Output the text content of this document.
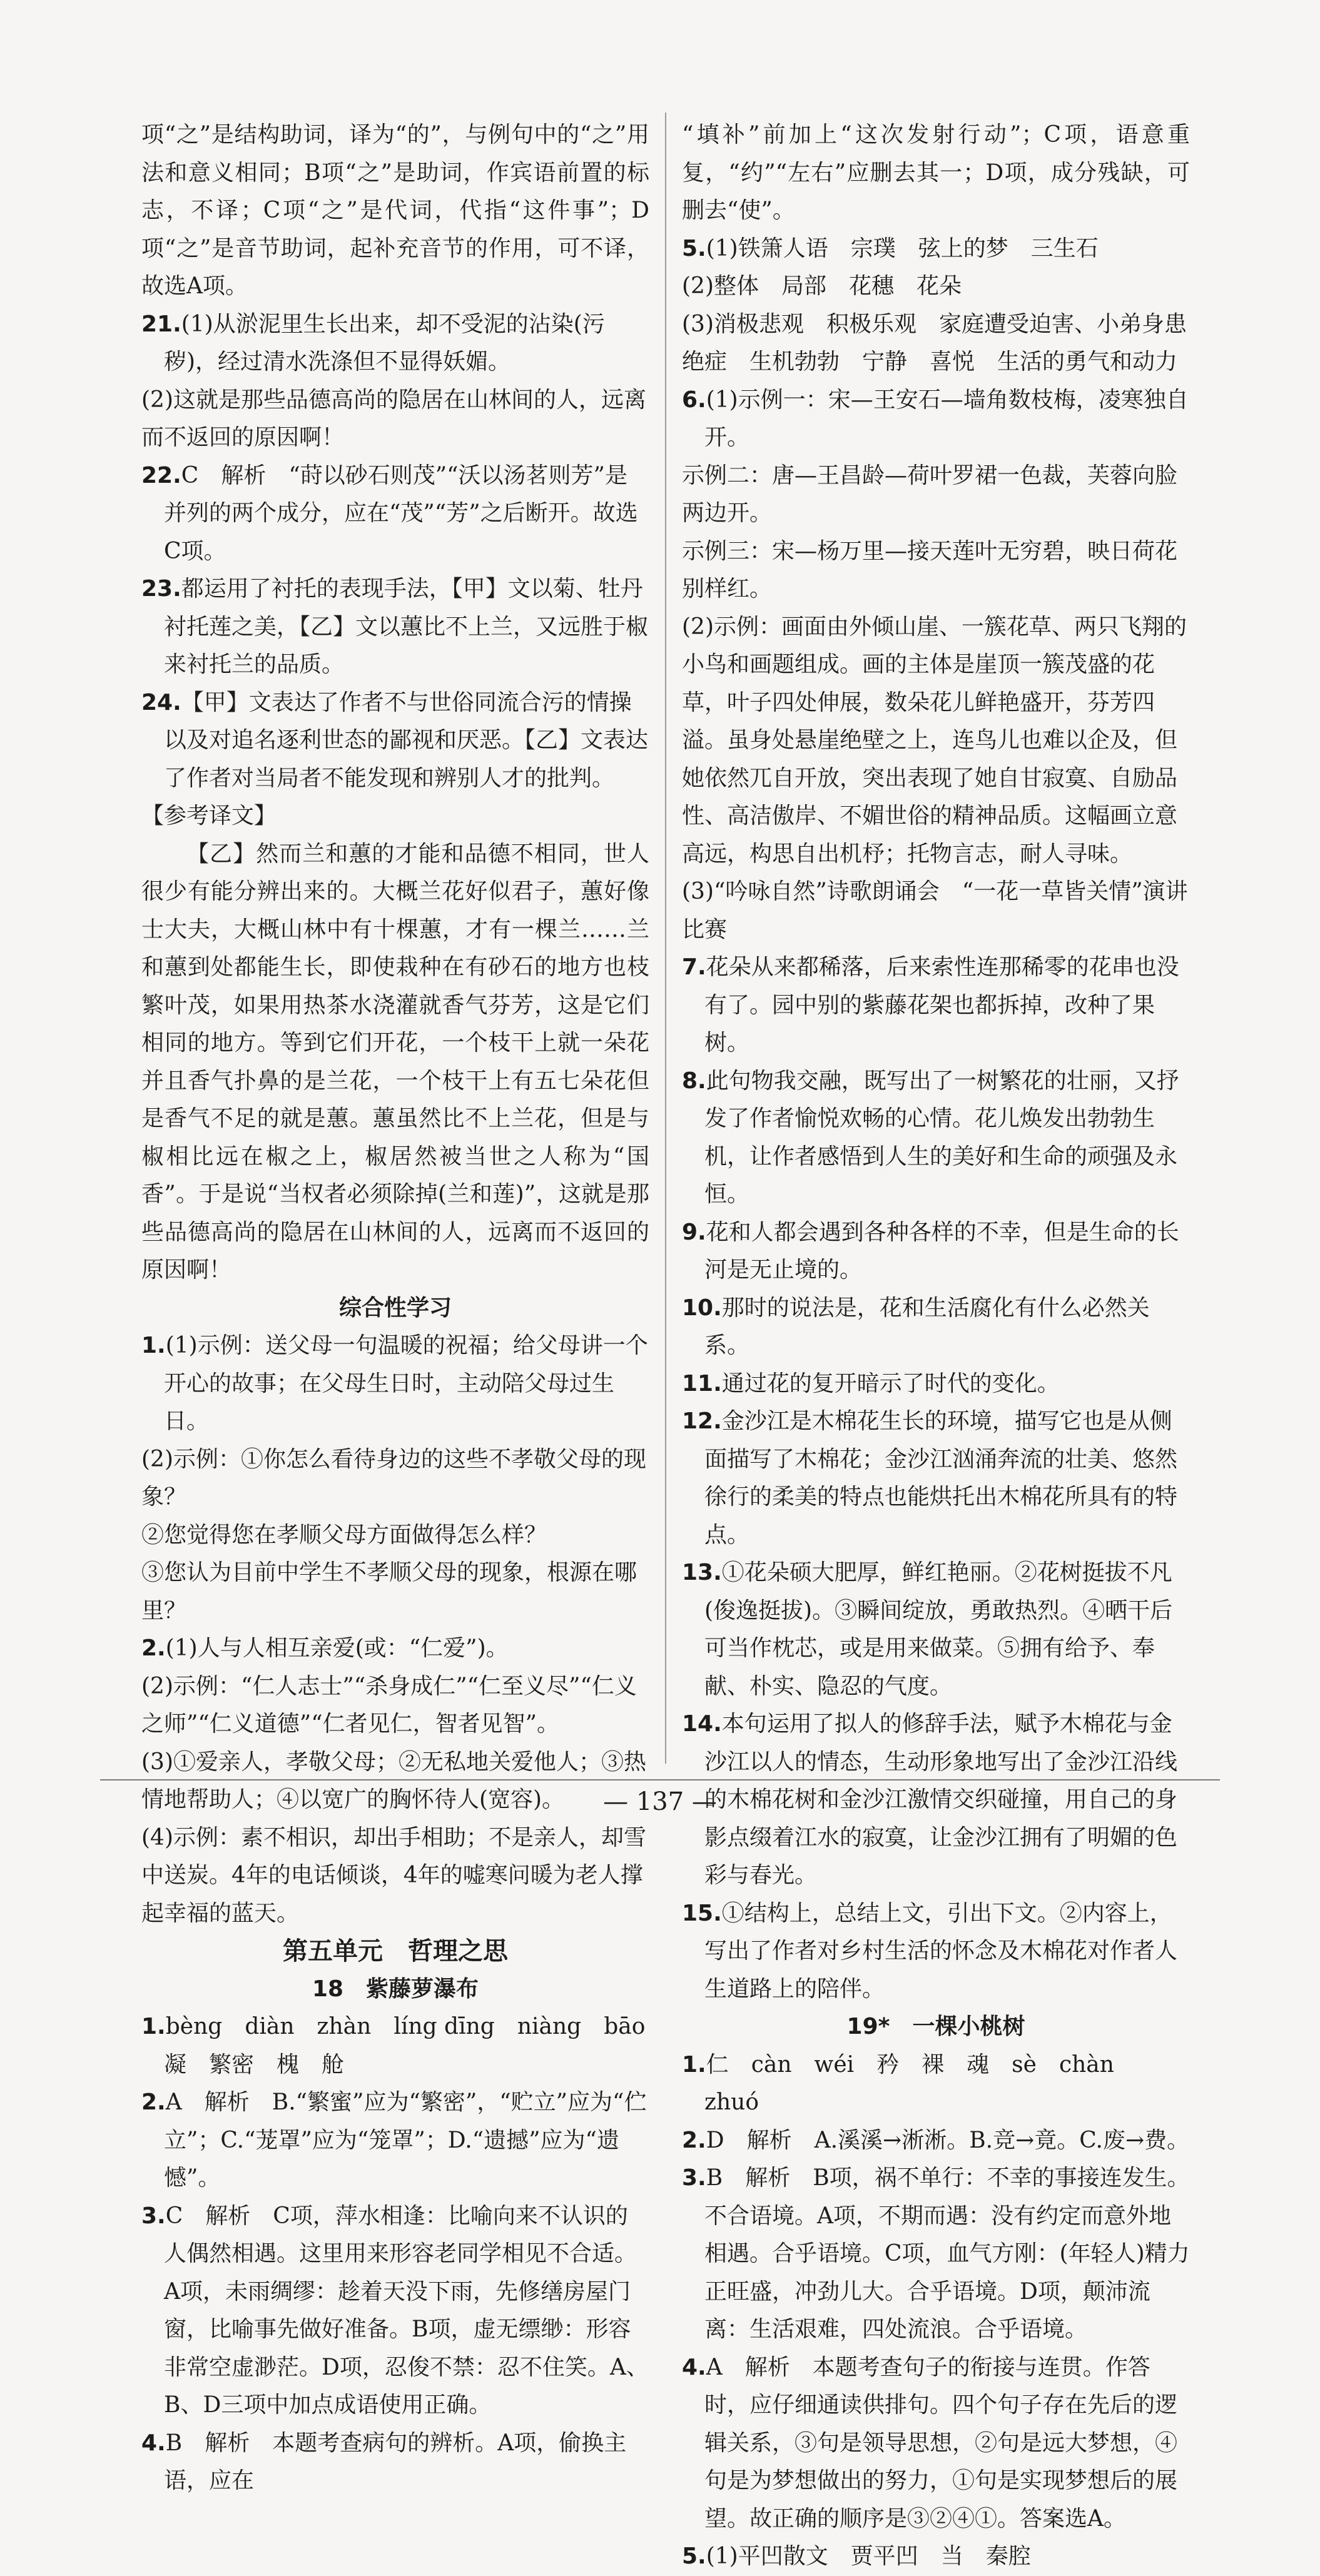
项“之”是结构助词，译为“的”，与例句中的“之”用法和意义相同；B项“之”是助词，作宾语前置的标志，不译；C项“之”是代词，代指“这件事”；D项“之”是音节助词，起补充音节的作用，可不译，故选A项。
21.(1)从淤泥里生长出来，却不受泥的沾染(污秽)，经过清水洗涤但不显得妖媚。
(2)这就是那些品德高尚的隐居在山林间的人，远离而不返回的原因啊！
22.C　解析　“莳以砂石则茂”“沃以汤茗则芳”是并列的两个成分，应在“茂”“芳”之后断开。故选C项。
23.都运用了衬托的表现手法，【甲】文以菊、牡丹衬托莲之美，【乙】文以蕙比不上兰，又远胜于椒来衬托兰的品质。
24.【甲】文表达了作者不与世俗同流合污的情操以及对追名逐利世态的鄙视和厌恶。【乙】文表达了作者对当局者不能发现和辨别人才的批判。
【参考译文】
【乙】然而兰和蕙的才能和品德不相同，世人很少有能分辨出来的。大概兰花好似君子，蕙好像士大夫，大概山林中有十棵蕙，才有一棵兰……兰和蕙到处都能生长，即使栽种在有砂石的地方也枝繁叶茂，如果用热茶水浇灌就香气芬芳，这是它们相同的地方。等到它们开花，一个枝干上就一朵花并且香气扑鼻的是兰花，一个枝干上有五七朵花但是香气不足的就是蕙。蕙虽然比不上兰花，但是与椒相比远在椒之上，椒居然被当世之人称为“国香”。于是说“当权者必须除掉(兰和莲)”，这就是那些品德高尚的隐居在山林间的人，远离而不返回的原因啊！
综合性学习
1.(1)示例：送父母一句温暖的祝福；给父母讲一个开心的故事；在父母生日时，主动陪父母过生日。
(2)示例：①你怎么看待身边的这些不孝敬父母的现象？
②您觉得您在孝顺父母方面做得怎么样？
③您认为目前中学生不孝顺父母的现象，根源在哪里？
2.(1)人与人相互亲爱(或：“仁爱”)。
(2)示例：“仁人志士”“杀身成仁”“仁至义尽”“仁义之师”“仁义道德”“仁者见仁，智者见智”。
(3)①爱亲人，孝敬父母；②无私地关爱他人；③热情地帮助人；④以宽广的胸怀待人(宽容)。
(4)示例：素不相识，却出手相助；不是亲人，却雪中送炭。4年的电话倾谈，4年的嘘寒问暖为老人撑起幸福的蓝天。
第五单元　哲理之思
18　紫藤萝瀑布
1.bèng　diàn　zhàn　líng dīng　niàng　bāo
　凝　繁密　槐　舱
2.A　解析　B.“繁蜜”应为“繁密”，“贮立”应为“伫立”；C.“茏罩”应为“笼罩”；D.“遗撼”应为“遗憾”。
3.C　解析　C项，萍水相逢：比喻向来不认识的人偶然相遇。这里用来形容老同学相见不合适。A项，未雨绸缪：趁着天没下雨，先修缮房屋门窗，比喻事先做好准备。B项，虚无缥缈：形容非常空虚渺茫。D项，忍俊不禁：忍不住笑。A、B、D三项中加点成语使用正确。
4.B　解析　本题考查病句的辨析。A项，偷换主语，应在
“填补”前加上“这次发射行动”；C项，语意重复，“约”“左右”应删去其一；D项，成分残缺，可删去“使”。
5.(1)铁箫人语　宗璞　弦上的梦　三生石
(2)整体　局部　花穗　花朵
(3)消极悲观　积极乐观　家庭遭受迫害、小弟身患绝症　生机勃勃　宁静　喜悦　生活的勇气和动力
6.(1)示例一：宋—王安石—墙角数枝梅，凌寒独自开。
示例二：唐—王昌龄—荷叶罗裙一色裁，芙蓉向脸两边开。
示例三：宋—杨万里—接天莲叶无穷碧，映日荷花别样红。
(2)示例：画面由外倾山崖、一簇花草、两只飞翔的小鸟和画题组成。画的主体是崖顶一簇茂盛的花草，叶子四处伸展，数朵花儿鲜艳盛开，芬芳四溢。虽身处悬崖绝壁之上，连鸟儿也难以企及，但她依然兀自开放，突出表现了她自甘寂寞、自励品性、高洁傲岸、不媚世俗的精神品质。这幅画立意高远，构思自出机杼；托物言志，耐人寻味。
(3)“吟咏自然”诗歌朗诵会　“一花一草皆关情”演讲比赛
7.花朵从来都稀落，后来索性连那稀零的花串也没有了。园中别的紫藤花架也都拆掉，改种了果树。
8.此句物我交融，既写出了一树繁花的壮丽，又抒发了作者愉悦欢畅的心情。花儿焕发出勃勃生机，让作者感悟到人生的美好和生命的顽强及永恒。
9.花和人都会遇到各种各样的不幸，但是生命的长河是无止境的。
10.那时的说法是，花和生活腐化有什么必然关系。
11.通过花的复开暗示了时代的变化。
12.金沙江是木棉花生长的环境，描写它也是从侧面描写了木棉花；金沙江汹涌奔流的壮美、悠然徐行的柔美的特点也能烘托出木棉花所具有的特点。
13.①花朵硕大肥厚，鲜红艳丽。②花树挺拔不凡(俊逸挺拔)。③瞬间绽放，勇敢热烈。④晒干后可当作枕芯，或是用来做菜。⑤拥有给予、奉献、朴实、隐忍的气度。
14.本句运用了拟人的修辞手法，赋予木棉花与金沙江以人的情态，生动形象地写出了金沙江沿线的木棉花树和金沙江激情交织碰撞，用自己的身影点缀着江水的寂寞，让金沙江拥有了明媚的色彩与春光。
15.①结构上，总结上文，引出下文。②内容上，写出了作者对乡村生活的怀念及木棉花对作者人生道路上的陪伴。
19*　一棵小桃树
1.仁　càn　wéi　矜　裸　魂　sè　chàn　zhuó
2.D　解析　A.溪溪→淅淅。B.竞→竟。C.废→费。
3.B　解析　B项，祸不单行：不幸的事接连发生。不合语境。A项，不期而遇：没有约定而意外地相遇。合乎语境。C项，血气方刚：(年轻人)精力正旺盛，冲劲儿大。合乎语境。D项，颠沛流离：生活艰难，四处流浪。合乎语境。
4.A　解析　本题考查句子的衔接与连贯。作答时，应仔细通读供排句。四个句子存在先后的逻辑关系，③句是领导思想，②句是远大梦想，④句是为梦想做出的努力，①句是实现梦想后的展望。故正确的顺序是③②④①。答案选A。
5.(1)平凹散文　贾平凹　当　秦腔
— 137 —
